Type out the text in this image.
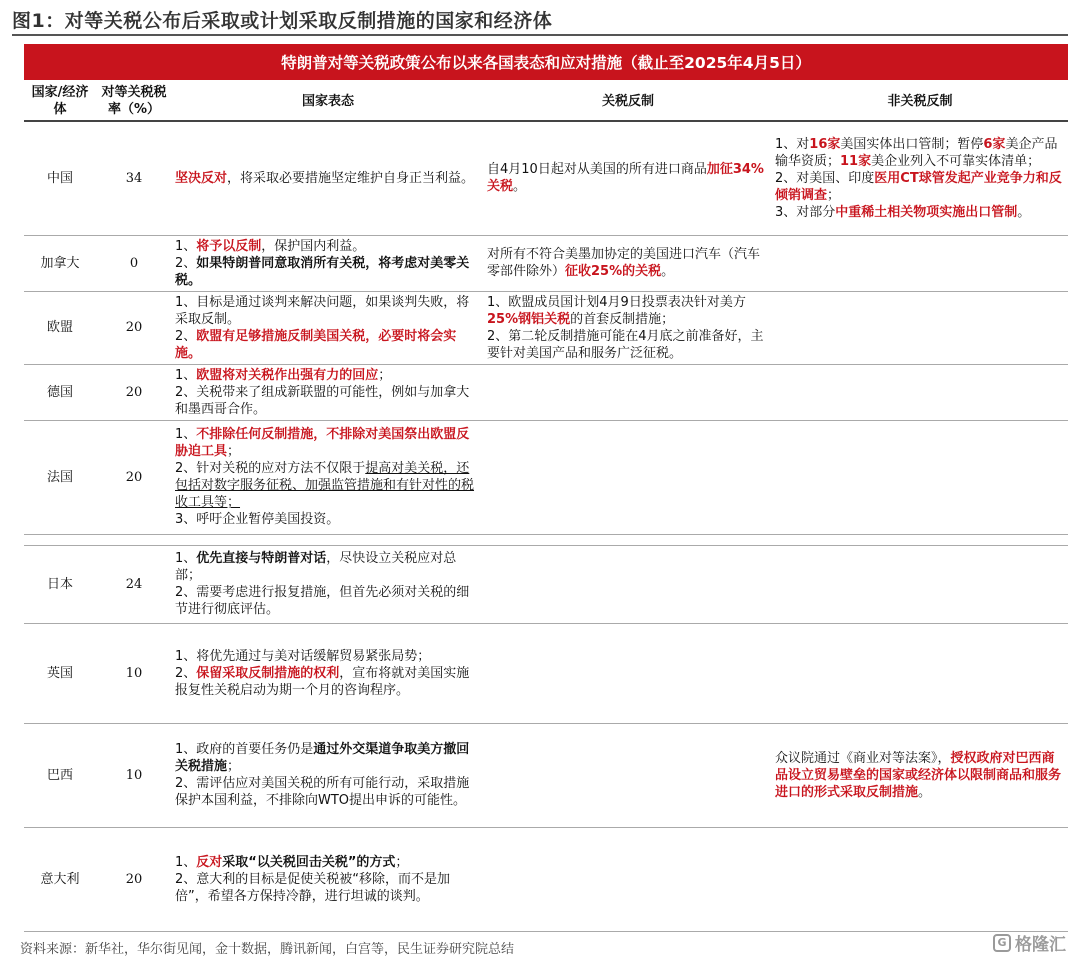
图1：对等关税公布后采取或计划采取反制措施的国家和经济体
特朗普对等关税政策公布以来各国表态和应对措施（截止至2025年4月5日）
国家/经济体	对等关税税率（%）	国家表态	关税反制	非关税反制
中国	34	坚决反对，将采取必要措施坚定维护自身正当利益。	自4月10日起对从美国的所有进口商品加征34%关税。	1、对16家美国实体出口管制；暂停6家美企产品输华资质；11家美企业列入不可靠实体清单；
2、对美国、印度医用CT球管发起产业竞争力和反倾销调查；
3、对部分中重稀土相关物项实施出口管制。
加拿大	0	1、将予以反制，保护国内利益。
2、如果特朗普同意取消所有关税，将考虑对美零关税。	对所有不符合美墨加协定的美国进口汽车（汽车零部件除外）征收25%的关税。	
欧盟	20	1、目标是通过谈判来解决问题，如果谈判失败，将采取反制。
2、欧盟有足够措施反制美国关税，必要时将会实施。	1、欧盟成员国计划4月9日投票表决针对美方25%钢铝关税的首套反制措施；
2、第二轮反制措施可能在4月底之前准备好，主要针对美国产品和服务广泛征税。	
德国	20	1、欧盟将对关税作出强有力的回应；
2、关税带来了组成新联盟的可能性，例如与加拿大和墨西哥合作。		
法国	20	1、不排除任何反制措施，不排除对美国祭出欧盟反胁迫工具；
2、针对关税的应对方法不仅限于提高对美关税，还包括对数字服务征税、加强监管措施和有针对性的税收工具等；
3、呼吁企业暂停美国投资。		

日本	24	1、优先直接与特朗普对话，尽快设立关税应对总部；
2、需要考虑进行报复措施，但首先必须对关税的细节进行彻底评估。		
英国	10	1、将优先通过与美对话缓解贸易紧张局势；
2、保留采取反制措施的权利，宣布将就对美国实施报复性关税启动为期一个月的咨询程序。		
巴西	10	1、政府的首要任务仍是通过外交渠道争取美方撤回关税措施；
2、需评估应对美国关税的所有可能行动，采取措施保护本国利益，不排除向WTO提出申诉的可能性。		众议院通过《商业对等法案》，授权政府对巴西商品设立贸易壁垒的国家或经济体以限制商品和服务进口的形式采取反制措施。
意大利	20	1、反对采取“以关税回击关税”的方式；
2、意大利的目标是促使关税被“移除，而不是加倍”，希望各方保持冷静，进行坦诚的谈判。		
资料来源：新华社，华尔街见闻，金十数据，腾讯新闻，白宫等，民生证券研究院总结	G 格隆汇
